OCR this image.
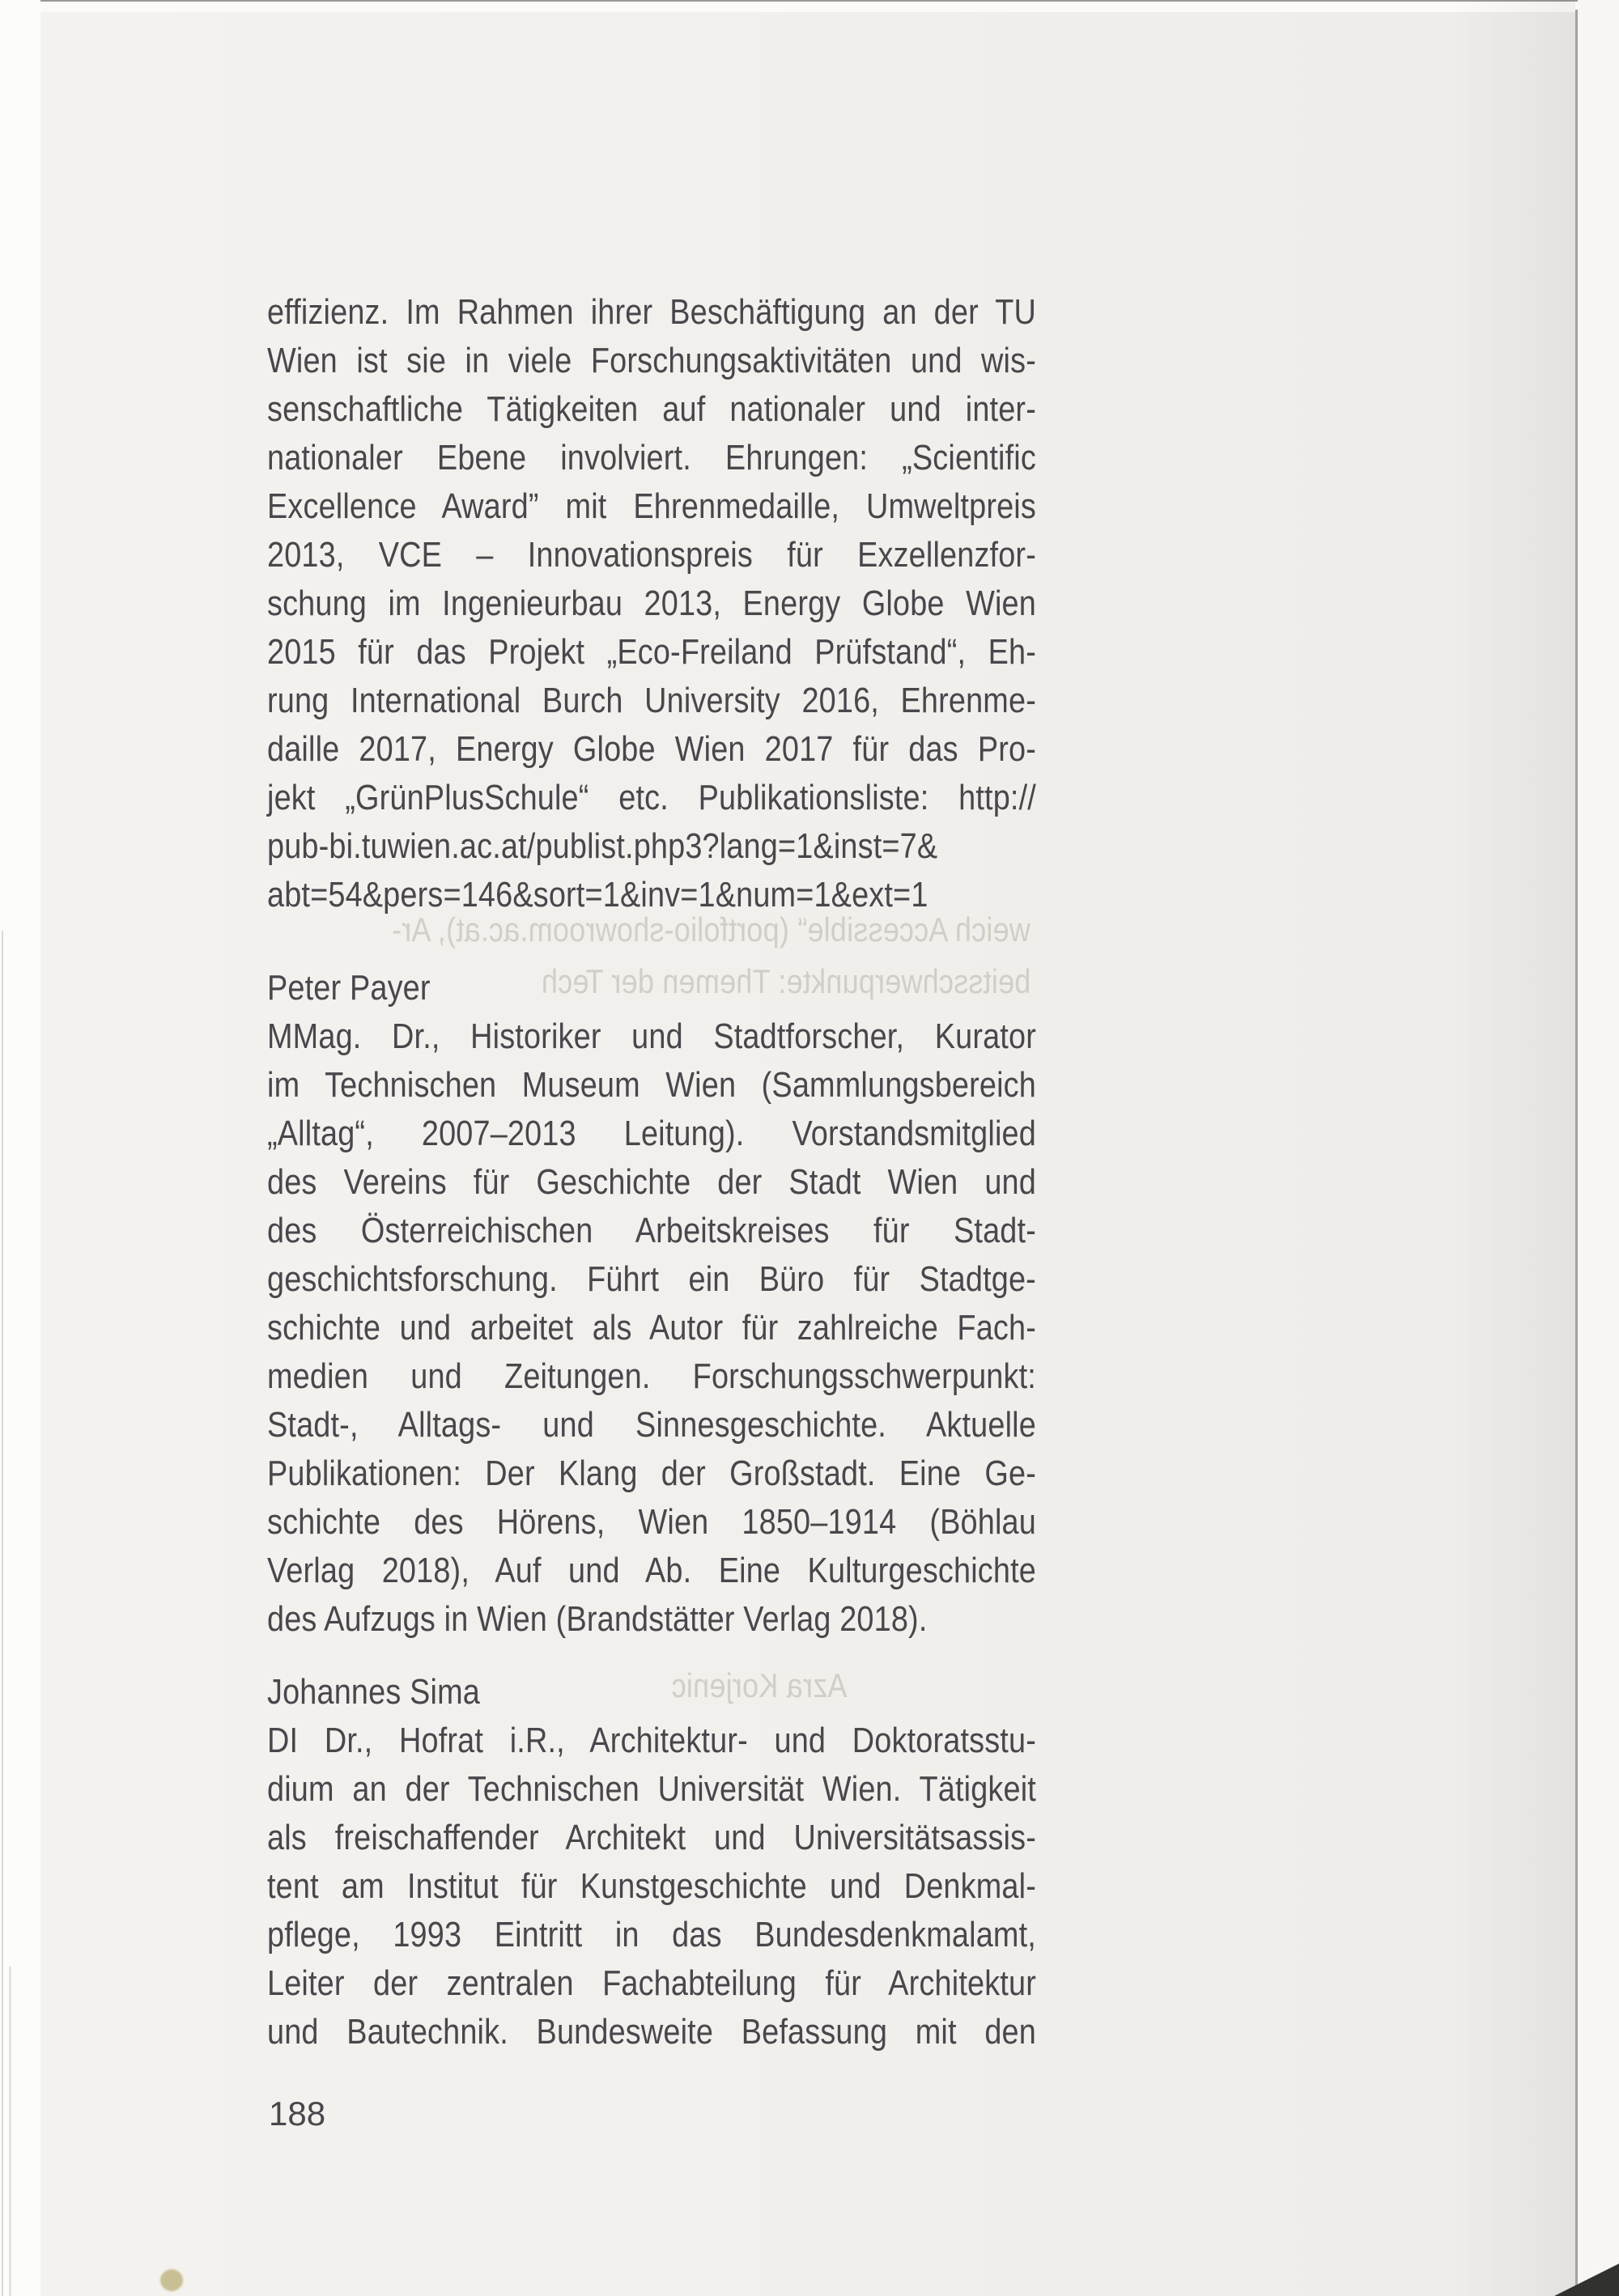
effizienz. Im Rahmen ihrer Beschäftigung an der TU
Wien ist sie in viele Forschungsaktivitäten und wis-
senschaftliche Tätigkeiten auf nationaler und inter-
nationaler Ebene involviert. Ehrungen: „Scientific
Excellence Award” mit Ehrenmedaille, Umweltpreis
2013, VCE – Innovationspreis für Exzellenzfor-
schung im Ingenieurbau 2013, Energy Globe Wien
2015 für das Projekt „Eco-Freiland Prüfstand“, Eh-
rung International Burch University 2016, Ehrenme-
daille 2017, Energy Globe Wien 2017 für das Pro-
jekt „GrünPlusSchule“ etc. Publikationsliste: http://
pub-bi.tuwien.ac.at/publist.php3?lang=1&inst=7&
abt=54&pers=146&sort=1&inv=1&num=1&ext=1
Peter Payer
MMag. Dr., Historiker und Stadtforscher, Kurator
im Technischen Museum Wien (Sammlungsbereich
„Alltag“, 2007–2013 Leitung). Vorstandsmitglied
des Vereins für Geschichte der Stadt Wien und
des Österreichischen Arbeitskreises für Stadt-
geschichtsforschung. Führt ein Büro für Stadtge-
schichte und arbeitet als Autor für zahlreiche Fach-
medien und Zeitungen. Forschungsschwerpunkt:
Stadt-, Alltags- und Sinnesgeschichte. Aktuelle
Publikationen: Der Klang der Großstadt. Eine Ge-
schichte des Hörens, Wien 1850–1914 (Böhlau
Verlag 2018), Auf und Ab. Eine Kulturgeschichte
des Aufzugs in Wien (Brandstätter Verlag 2018).
Johannes Sima
DI Dr., Hofrat i.R., Architektur- und Doktoratsstu-
dium an der Technischen Universität Wien. Tätigkeit
als freischaffender Architekt und Universitätsassis-
tent am Institut für Kunstgeschichte und Denkmal-
pflege, 1993 Eintritt in das Bundesdenkmalamt,
Leiter der zentralen Fachabteilung für Architektur
und Bautechnik. Bundesweite Befassung mit den
weich Accessible“ (portfolio-showroom.ac.at), Ar-
beitsschwerpunkte: Themen der Tech
Azra Korjenic
188
